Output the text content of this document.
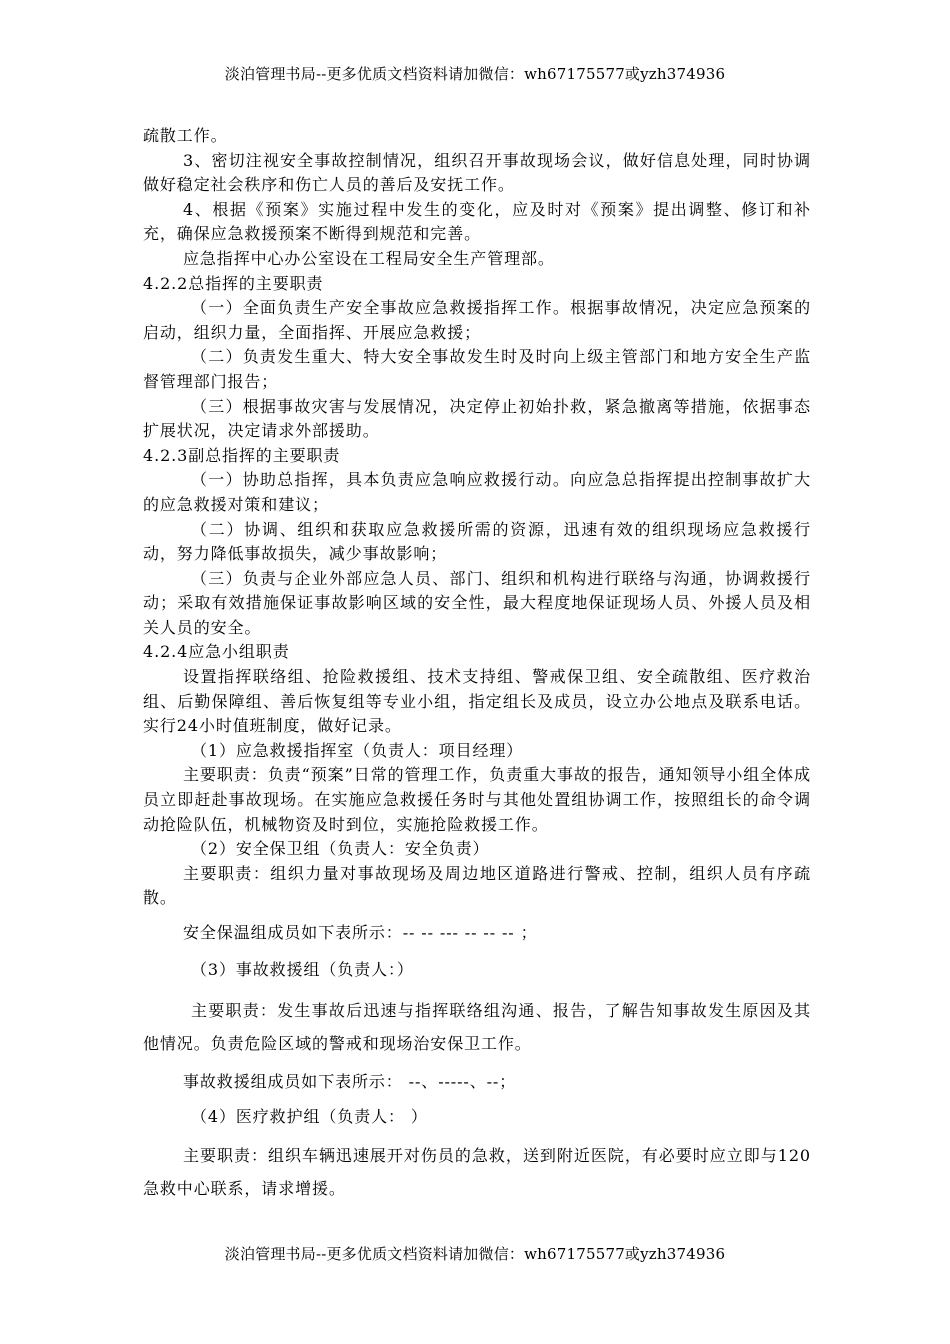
淡泊管理书局--更多优质文档资料请加微信：wh67175577或yzh374936

疏散工作。

3、密切注视安全事故控制情况，组织召开事故现场会议，做好信息处理，同时协调做好稳定社会秩序和伤亡人员的善后及安抚工作。

4、根据《预案》实施过程中发生的变化，应及时对《预案》提出调整、修订和补充，确保应急救援预案不断得到规范和完善。

应急指挥中心办公室设在工程局安全生产管理部。

4.2.2总指挥的主要职责

（一）全面负责生产安全事故应急救援指挥工作。根据事故情况，决定应急预案的启动，组织力量，全面指挥、开展应急救援；

（二）负责发生重大、特大安全事故发生时及时向上级主管部门和地方安全生产监督管理部门报告；

（三）根据事故灾害与发展情况，决定停止初始扑救，紧急撤离等措施，依据事态扩展状况，决定请求外部援助。

4.2.3副总指挥的主要职责

（一）协助总指挥，具本负责应急响应救援行动。向应急总指挥提出控制事故扩大的应急救援对策和建议；

（二）协调、组织和获取应急救援所需的资源，迅速有效的组织现场应急救援行动，努力降低事故损失，减少事故影响；

（三）负责与企业外部应急人员、部门、组织和机构进行联络与沟通，协调救援行动；采取有效措施保证事故影响区域的安全性，最大程度地保证现场人员、外援人员及相关人员的安全。

4.2.4应急小组职责

设置指挥联络组、抢险救援组、技术支持组、警戒保卫组、安全疏散组、医疗救治组、后勤保障组、善后恢复组等专业小组，指定组长及成员，设立办公地点及联系电话。实行24小时值班制度，做好记录。

（1）应急救援指挥室（负责人：项目经理）

主要职责：负责“预案”日常的管理工作，负责重大事故的报告，通知领导小组全体成员立即赶赴事故现场。在实施应急救援任务时与其他处置组协调工作，按照组长的命令调动抢险队伍，机械物资及时到位，实施抢险救援工作。

（2）安全保卫组（负责人：安全负责）

主要职责：组织力量对事故现场及周边地区道路进行警戒、控制，组织人员有序疏散。

安全保温组成员如下表所示：-- -- --- -- -- -- ；

（3）事故救援组（负责人：）

主要职责：发生事故后迅速与指挥联络组沟通、报告，了解告知事故发生原因及其他情况。负责危险区域的警戒和现场治安保卫工作。

事故救援组成员如下表所示： --、-----、--；

（4）医疗救护组（负责人： ）

主要职责：组织车辆迅速展开对伤员的急救，送到附近医院，有必要时应立即与120急救中心联系，请求增援。

淡泊管理书局--更多优质文档资料请加微信：wh67175577或yzh374936
